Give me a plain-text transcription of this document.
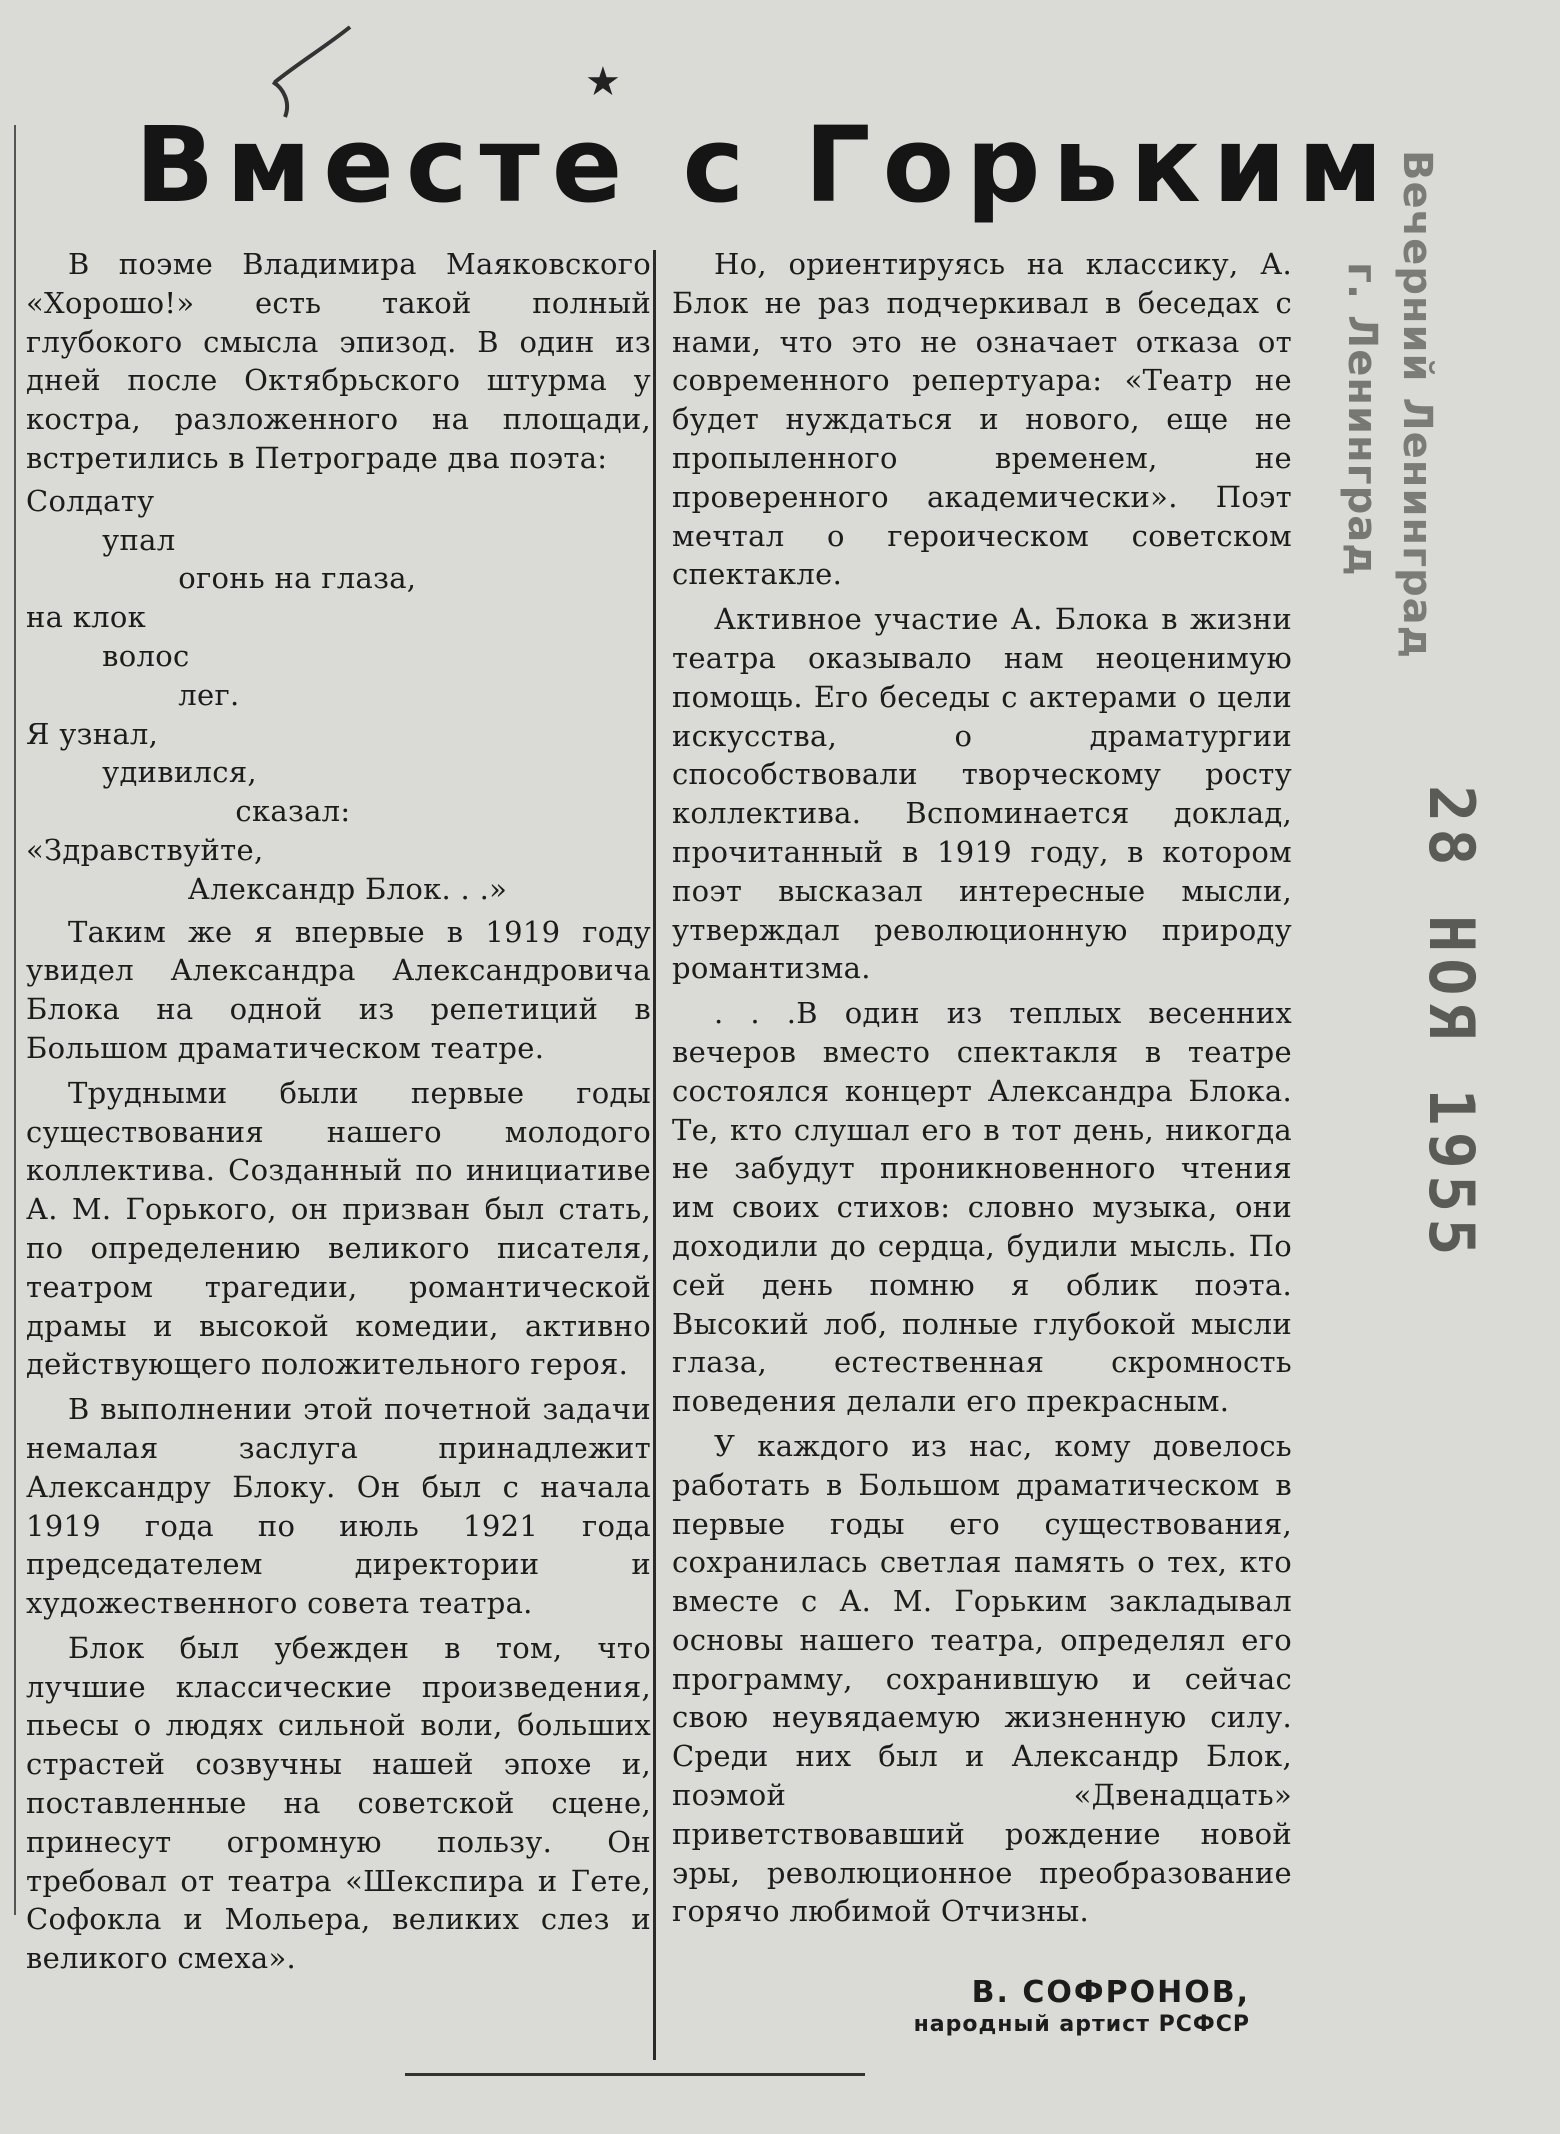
★
Вместе с Горьким

В поэме Владимира Маяковского «Хорошо!» есть такой полный глубокого смысла эпизод. В один из дней после Октябрьского штурма у костра, разложенного на площади, встретились в Петрограде два поэта:

Солдату
упал
огонь на глаза,
на клок
волос
лег.
Я узнал,
удивился,
сказал:
«Здравствуйте,
Александр Блок. . .»

Таким же я впервые в 1919 году увидел Александра Александровича Блока на одной из репетиций в Большом драматическом театре.

Трудными были первые годы существования нашего молодого коллектива. Созданный по инициативе А. М. Горького, он призван был стать, по определению великого писателя, театром трагедии, романтической драмы и высокой комедии, активно действующего положительного героя.

В выполнении этой почетной задачи немалая заслуга принадлежит Александру Блоку. Он был с начала 1919 года по июль 1921 года председателем директории и художественного совета театра.

Блок был убежден в том, что лучшие классические произведения, пьесы о людях сильной воли, больших страстей созвучны нашей эпохе и, поставленные на советской сцене, принесут огромную пользу. Он требовал от театра «Шекспира и Гете, Софокла и Мольера, великих слез и великого смеха».

Но, ориентируясь на классику, А. Блок не раз подчеркивал в беседах с нами, что это не означает отказа от современного репертуара: «Театр не будет нуждаться и нового, еще не пропыленного временем, не проверенного академически». Поэт мечтал о героическом советском спектакле.

Активное участие А. Блока в жизни театра оказывало нам неоценимую помощь. Его беседы с актерами о цели искусства, о драматургии способствовали творческому росту коллектива. Вспоминается доклад, прочитанный в 1919 году, в котором поэт высказал интересные мысли, утверждал революционную природу романтизма.

. . .В один из теплых весенних вечеров вместо спектакля в театре состоялся концерт Александра Блока. Те, кто слушал его в тот день, никогда не забудут проникновенного чтения им своих стихов: словно музыка, они доходили до сердца, будили мысль. По сей день помню я облик поэта. Высокий лоб, полные глубокой мысли глаза, естественная скромность поведения делали его прекрасным.

У каждого из нас, кому довелось работать в Большом драматическом в первые годы его существования, сохранилась светлая память о тех, кто вместе с А. М. Горьким закладывал основы нашего театра, определял его программу, сохранившую и сейчас свою неувядаемую жизненную силу. Среди них был и Александр Блок, поэмой «Двенадцать» приветствовавший рождение новой эры, революционное преобразование горячо любимой Отчизны.

В. СОФРОНОВ,
народный артист РСФСР
Вечерний Ленинград
г. Ленинград
28 НОЯ 1955
